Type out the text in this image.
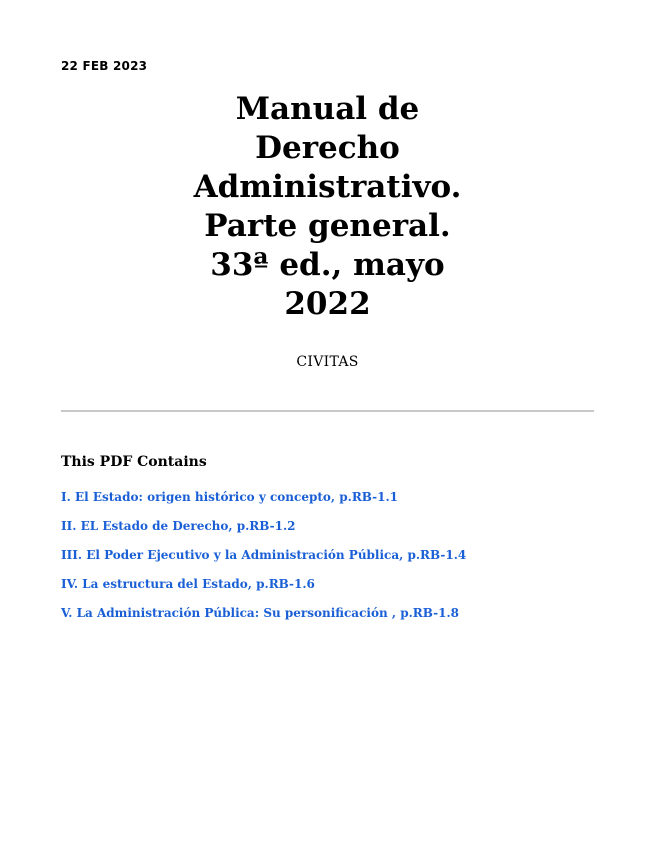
22 FEB 2023
Manual de
Derecho
Administrativo.
Parte general.
33ª ed., mayo
2022
CIVITAS
This PDF Contains
I. El Estado: origen histórico y concepto, p.RB-1.1
II. EL Estado de Derecho, p.RB-1.2
III. El Poder Ejecutivo y la Administración Pública, p.RB-1.4
IV. La estructura del Estado, p.RB-1.6
V. La Administración Pública: Su personificación , p.RB-1.8
